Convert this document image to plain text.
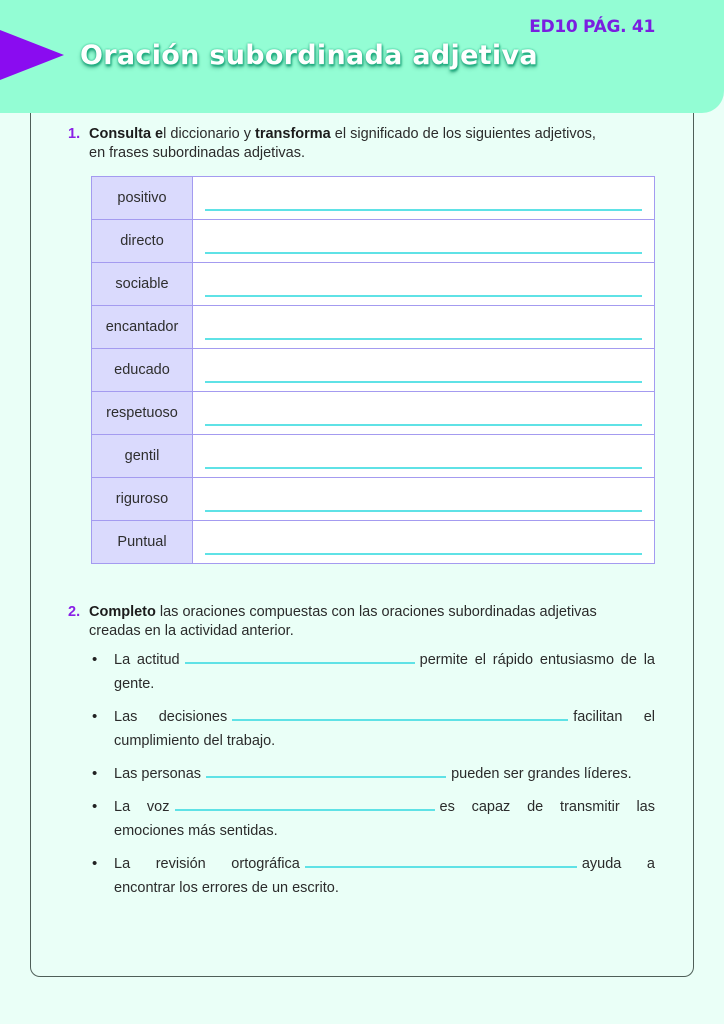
Oración subordinada adjetiva
ED10 PÁG. 41
1. Consulta el diccionario y transforma el significado de los siguientes adjetivos,
en frases subordinadas adjetivas.
positivo	

directo	

sociable	

encantador	

educado	

respetuoso	

gentil	

riguroso	

Puntual	
2. Completo las oraciones compuestas con las oraciones subordinadas adjetivas
creadas en la actividad anterior.
• La actitud	permite el rápido entusiasmo de la gente.
• Las decisiones	facilitan el cumplimiento del trabajo.
• Las personas	pueden ser grandes líderes.
• La voz	es capaz de transmitir las emociones más sentidas.
• La revisión ortográfica	ayuda a encontrar los errores de un escrito.
